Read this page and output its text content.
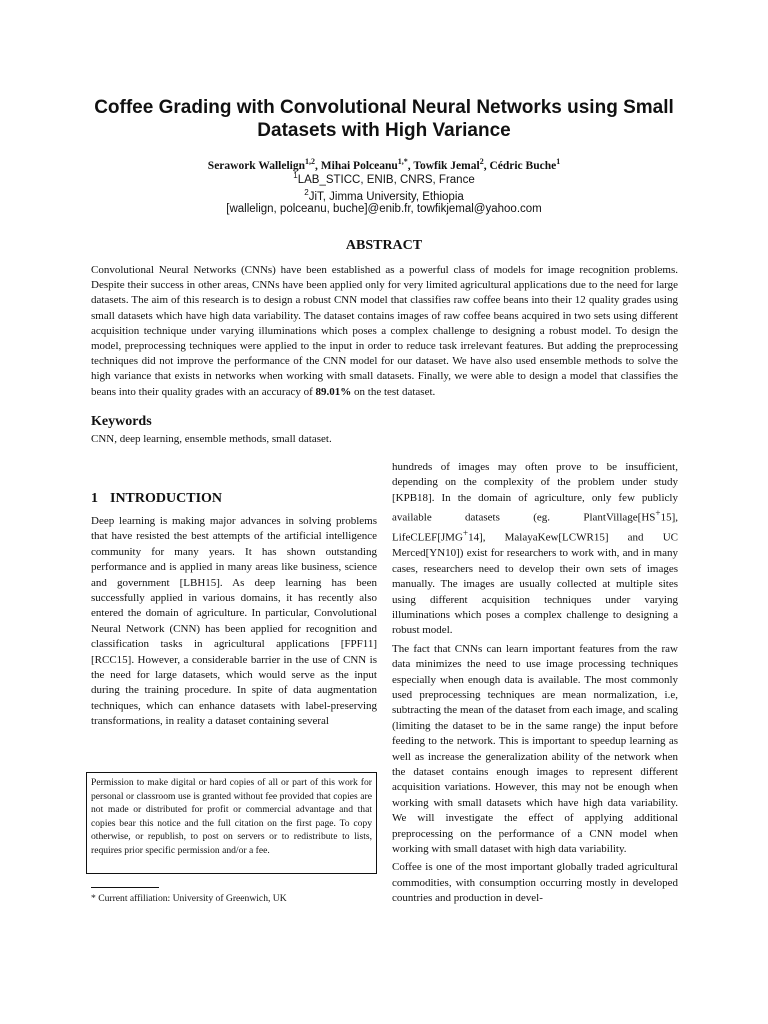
Coffee Grading with Convolutional Neural Networks using Small Datasets with High Variance
Serawork Wallelign$^{1,2}$, Mihai Polceanu$^{1,*}$, Towfik Jemal$^2$, Cédric Buche$^1$
$^1$LAB_STICC, ENIB, CNRS, France
$^2$JiT, Jimma University, Ethiopia
[wallelign, polceanu, buche]@enib.fr, towfikjemal@yahoo.com
ABSTRACT
Convolutional Neural Networks (CNNs) have been established as a powerful class of models for image recognition problems. Despite their success in other areas, CNNs have been applied only for very limited agricultural applications due to the need for large datasets. The aim of this research is to design a robust CNN model that classifies raw coffee beans into their 12 quality grades using small datasets which have high data variability. The dataset contains images of raw coffee beans acquired in two sets using different acquisition technique under varying illuminations which poses a complex challenge to designing a robust model. To design the model, preprocessing techniques were applied to the input in order to reduce task irrelevant features. But adding the preprocessing techniques did not improve the performance of the CNN model for our dataset. We have also used ensemble methods to solve the high variance that exists in networks when working with small datasets. Finally, we were able to design a model that classifies the beans into their quality grades with an accuracy of 89.01% on the test dataset.
Keywords
CNN, deep learning, ensemble methods, small dataset.
1 INTRODUCTION
Deep learning is making major advances in solving problems that have resisted the best attempts of the artificial intelligence community for many years. It has shown outstanding performance and is applied in many areas like business, science and government [LBH15]. As deep learning has been successfully applied in various domains, it has recently also entered the domain of agriculture. In particular, Convolutional Neural Network (CNN) has been applied for recognition and classification tasks in agricultural applications [FPF11] [RCC15]. However, a considerable barrier in the use of CNN is the need for large datasets, which would serve as the input during the training procedure. In spite of data augmentation techniques, which can enhance datasets with label-preserving transformations, in reality a dataset containing several

hundreds of images may often prove to be insufficient, depending on the complexity of the problem under study [KPB18]. In the domain of agriculture, only few publicly available datasets (eg. PlantVillage[HS+15], LifeCLEF[JMG+14], MalayaKew[LCWR15] and UC Merced[YN10]) exist for researchers to work with, and in many cases, researchers need to develop their own sets of images manually. The images are usually collected at multiple sites using different acquisition techniques under varying illuminations which poses a complex challenge to designing a robust model.

The fact that CNNs can learn important features from the raw data minimizes the need to use image processing techniques especially when enough data is available. The most commonly used preprocessing techniques are mean normalization, i.e, subtracting the mean of the dataset from each image, and scaling (limiting the dataset to be in the same range) the input before feeding to the network. This is important to speedup learning as well as increase the generalization ability of the network when the dataset contains enough images to represent different acquisition variations. However, this may not be enough when working with small datasets which have high data variability. We will investigate the effect of applying additional preprocessing on the performance of a CNN model when working with small dataset with high data variability.

Coffee is one of the most important globally traded agricultural commodities, with consumption occurring mostly in developed countries and production in devel-

Permission to make digital or hard copies of all or part of this work for personal or classroom use is granted without fee provided that copies are not made or distributed for profit or commercial advantage and that copies bear this notice and the full citation on the first page. To copy otherwise, or republish, to post on servers or to redistribute to lists, requires prior specific permission and/or a fee.
* Current affiliation: University of Greenwich, UK
